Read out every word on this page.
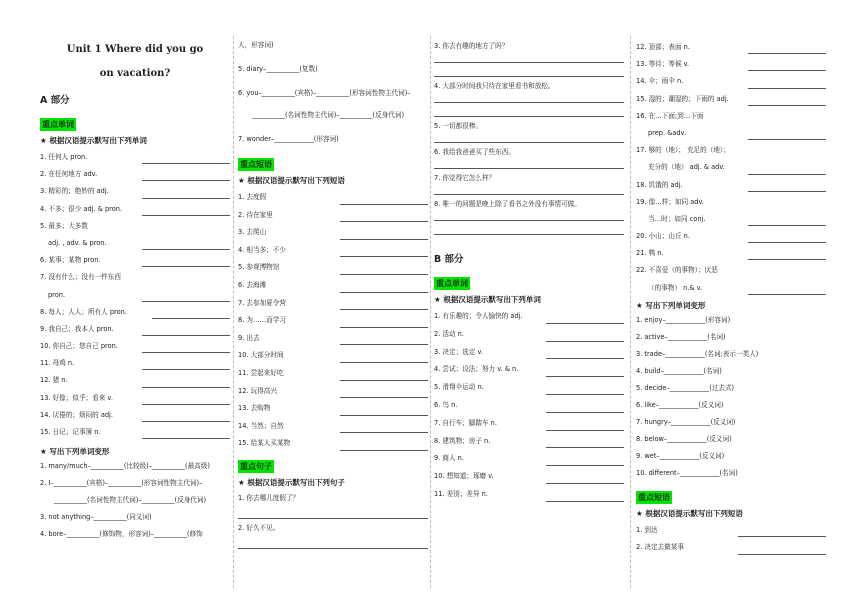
Unit 1 Where did you go
on vacation?
A 部分
重点单词
★ 根据汉语提示默写出下列单词
1. 任何人 pron.
2. 在任何地方 adv.
3. 精彩的；绝妙的 adj.
4. 不多；很少 adj. & pron.
5. 最多；大多数
adj. , adv. & pron.
6. 某事；某物 pron.
7. 没有什么；没有一件东西
pron.
8. 每人；人人；所有人 pron.
9. 我自己；我本人 pron.
10. 你自己；您自己 pron.
11. 母鸡 n.
12. 猪 n.
13. 好像；似乎；看来 v.
14. 厌倦的；烦闷的 adj.
15. 日记；记事簿 n.
★ 写出下列单词变形
1. many/much–__________(比较级)–__________(最高级)
2. I–__________(宾格)–__________(形容词性物主代词)–
__________(名词性物主代词)–__________(反身代词)
3. not anything–__________(同义词)
4. bore–__________(修饰物，形容词)–__________(修饰
人，形容词)
5. diary–__________(复数)
6. you–__________(宾格)–__________(形容词性物主代词)–
__________(名词性物主代词)–__________(反身代词)
7. wonder–____________(形容词)
重点短语
★ 根据汉语提示默写出下列短语
1. 去度假
2. 待在家里
3. 去爬山
4. 相当多；不少
5. 参观博物馆
6. 去海滩
7. 去参加夏令营
8. 为……而学习
9. 出去
10. 大部分时间
11. 尝起来好吃
12. 玩得高兴
13. 去购物
14. 当然；自然
15. 给某人买某物
重点句子
★ 根据汉语提示默写出下列句子
1. 你去哪儿度假了？
2. 好久不见。
3. 你去有趣的地方了吗？
4. 大部分时间我只待在家里看书和放松。
5. 一切都很棒。
6. 我给我爸爸买了些东西。
7. 你觉得它怎么样？
8. 唯一的问题是晚上除了看书之外没有事情可做。
B 部分
重点单词
★ 根据汉语提示默写出下列单词
1. 有乐趣的；令人愉快的 adj.
2. 活动 n.
3. 决定；选定 v.
4. 尝试；设法；努力 v. & n.
5. 滑翔伞运动 n.
6. 鸟 n.
7. 自行车；脚踏车 n.
8. 建筑物；房子 n.
9. 商人 n.
10. 想知道；琢磨 v.
11. 差别；差异 n.
12. 顶部；表面 n.
13. 等待；等候 v.
14. 伞；雨伞 n.
15. 湿的；潮湿的；下雨的 adj.
16. 在…下面;到…下面
prep. &adv.
17. 够的（地）； 充足的（地）；
充分的（地） adj. & adv.
18. 饥饿的 adj.
19. 像…样；如同 adv.
当…时；如同 conj.
20. 小山；山丘 n.
21. 鸭 n.
22. 不喜爱（的事物）；厌恶
（的事物） n.& v.
★ 写出下列单词变形
1. enjoy–____________(形容词)
2. active–____________(名词)
3. trade–____________(名词;表示一类人)
4. build–____________(名词)
5. decide–____________(过去式)
6. like–____________(反义词)
7. hungry–____________(反义词)
8. below–____________(反义词)
9. wet–____________(反义词)
10. different–____________(名词)
重点短语
★ 根据汉语提示默写出下列短语
1. 到达
2. 决定去做某事
